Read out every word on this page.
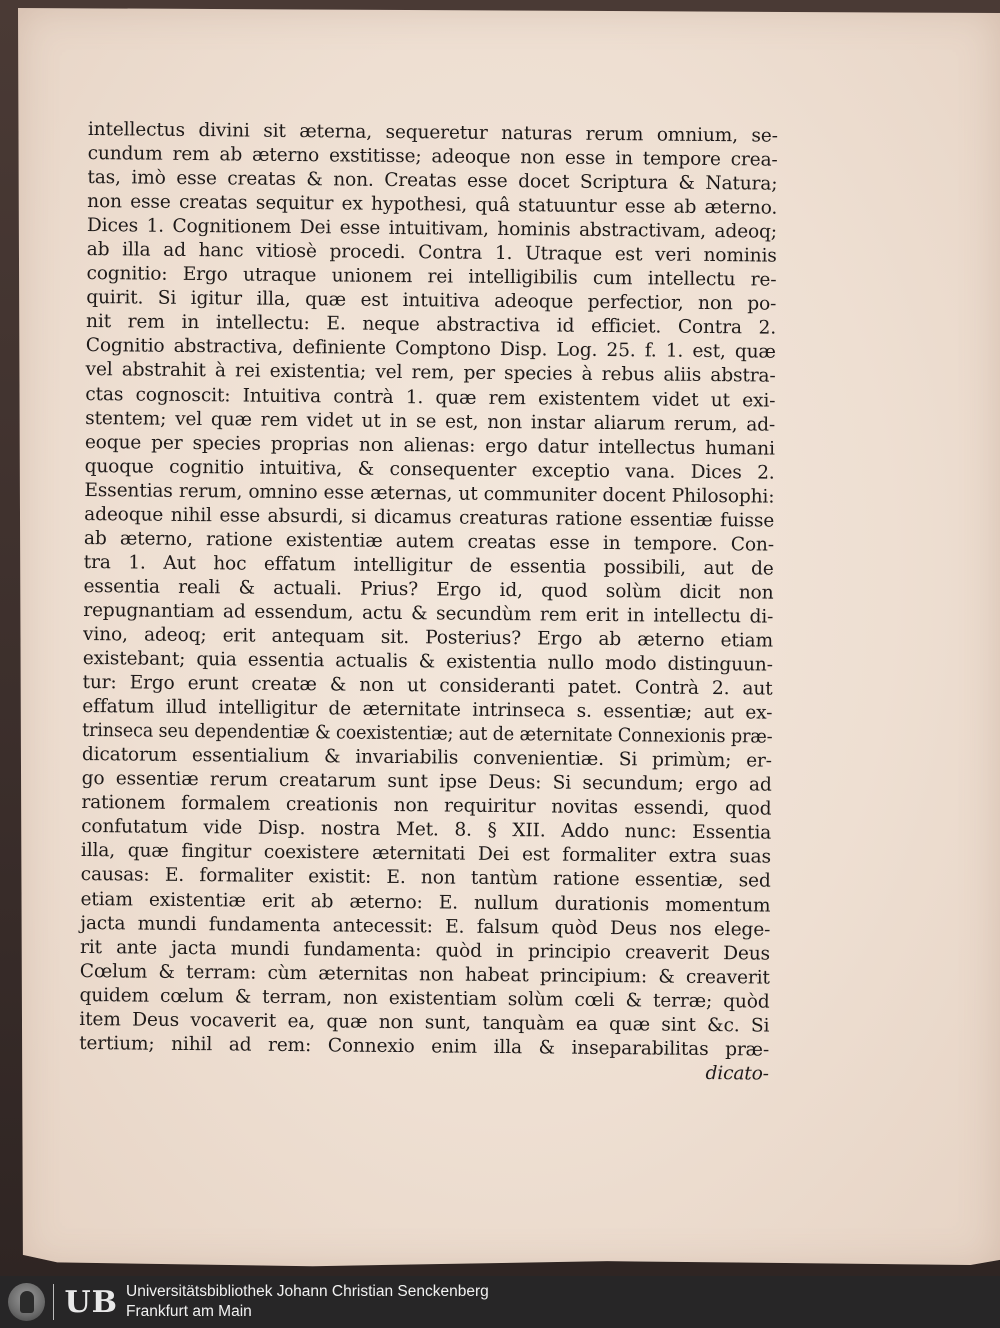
intellectus divini sit æterna, sequeretur naturas rerum omnium, se-
cundum rem ab æterno exstitisse; adeoque non esse in tempore crea-
tas, imò esse creatas & non. Creatas esse docet Scriptura & Natura;
non esse creatas sequitur ex hypothesi, quâ statuuntur esse ab æterno.
Dices 1. Cognitionem Dei esse intuitivam, hominis abstractivam, adeoq;
ab illa ad hanc vitiosè procedi. Contra 1. Utraque est veri nominis
cognitio: Ergo utraque unionem rei intelligibilis cum intellectu re-
quirit. Si igitur illa, quæ est intuitiva adeoque perfectior, non po-
nit rem in intellectu: E. neque abstractiva id efficiet. Contra 2.
Cognitio abstractiva, definiente Comptono Disp. Log. 25. f. 1. est, quæ
vel abstrahit à rei existentia; vel rem, per species à rebus aliis abstra-
ctas cognoscit: Intuitiva contrà 1. quæ rem existentem videt ut exi-
stentem; vel quæ rem videt ut in se est, non instar aliarum rerum, ad-
eoque per species proprias non alienas: ergo datur intellectus humani
quoque cognitio intuitiva, & consequenter exceptio vana. Dices 2.
Essentias rerum, omnino esse æternas, ut communiter docent Philosophi:
adeoque nihil esse absurdi, si dicamus creaturas ratione essentiæ fuisse
ab æterno, ratione existentiæ autem creatas esse in tempore. Con-
tra 1. Aut hoc effatum intelligitur de essentia possibili, aut de
essentia reali & actuali. Prius? Ergo id, quod solùm dicit non
repugnantiam ad essendum, actu & secundùm rem erit in intellectu di-
vino, adeoq; erit antequam sit. Posterius? Ergo ab æterno etiam
existebant; quia essentia actualis & existentia nullo modo distinguun-
tur: Ergo erunt creatæ & non ut consideranti patet. Contrà 2. aut
effatum illud intelligitur de æternitate intrinseca s. essentiæ; aut ex-
trinseca seu dependentiæ & coexistentiæ; aut de æternitate Connexionis præ-
dicatorum essentialium & invariabilis convenientiæ. Si primùm; er-
go essentiæ rerum creatarum sunt ipse Deus: Si secundum; ergo ad
rationem formalem creationis non requiritur novitas essendi, quod
confutatum vide Disp. nostra Met. 8. § XII. Addo nunc: Essentia
illa, quæ fingitur coexistere æternitati Dei est formaliter extra suas
causas: E. formaliter existit: E. non tantùm ratione essentiæ, sed
etiam existentiæ erit ab æterno: E. nullum durationis momentum
jacta mundi fundamenta antecessit: E. falsum quòd Deus nos elege-
rit ante jacta mundi fundamenta: quòd in principio creaverit Deus
Cœlum & terram: cùm æternitas non habeat principium: & creaverit
quidem cœlum & terram, non existentiam solùm cœli & terræ; quòd
item Deus vocaverit ea, quæ non sunt, tanquàm ea quæ sint &c. Si
tertium; nihil ad rem: Connexio enim illa & inseparabilitas præ-
dicato-
UB Universitätsbibliothek Johann Christian Senckenberg
Frankfurt am Main
